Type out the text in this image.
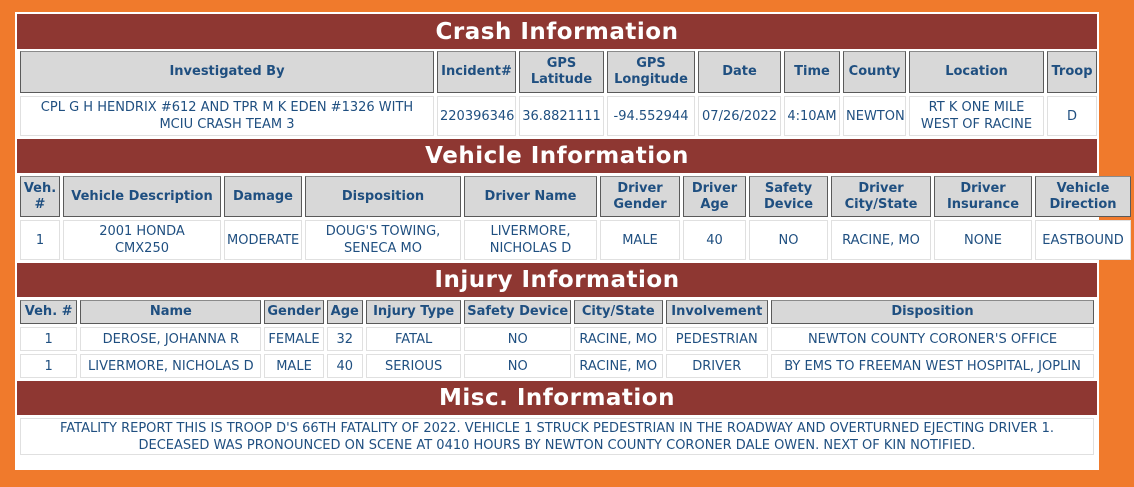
Crash Information
Investigated By	Incident#	GPS Latitude	GPS Longitude	Date	Time	County	Location	Troop
CPL G H HENDRIX #612 AND TPR M K EDEN #1326 WITH MCIU CRASH TEAM 3	220396346	36.8821111	-94.552944	07/26/2022	4:10AM	NEWTON	RT K ONE MILE WEST OF RACINE	D
Vehicle Information
Veh. #	Vehicle Description	Damage	Disposition	Driver Name	Driver Gender	Driver Age	Safety Device	Driver City/State	Driver Insurance	Vehicle Direction
1	2001 HONDA CMX250	MODERATE	DOUG'S TOWING, SENECA MO	LIVERMORE, NICHOLAS D	MALE	40	NO	RACINE, MO	NONE	EASTBOUND
Injury Information
Veh. #	Name	Gender	Age	Injury Type	Safety Device	City/State	Involvement	Disposition
1	DEROSE, JOHANNA R	FEMALE	32	FATAL	NO	RACINE, MO	PEDESTRIAN	NEWTON COUNTY CORONER'S OFFICE
1	LIVERMORE, NICHOLAS D	MALE	40	SERIOUS	NO	RACINE, MO	DRIVER	BY EMS TO FREEMAN WEST HOSPITAL, JOPLIN
Misc. Information
FATALITY REPORT THIS IS TROOP D'S 66TH FATALITY OF 2022. VEHICLE 1 STRUCK PEDESTRIAN IN THE ROADWAY AND OVERTURNED EJECTING DRIVER 1. DECEASED WAS PRONOUNCED ON SCENE AT 0410 HOURS BY NEWTON COUNTY CORONER DALE OWEN. NEXT OF KIN NOTIFIED.
